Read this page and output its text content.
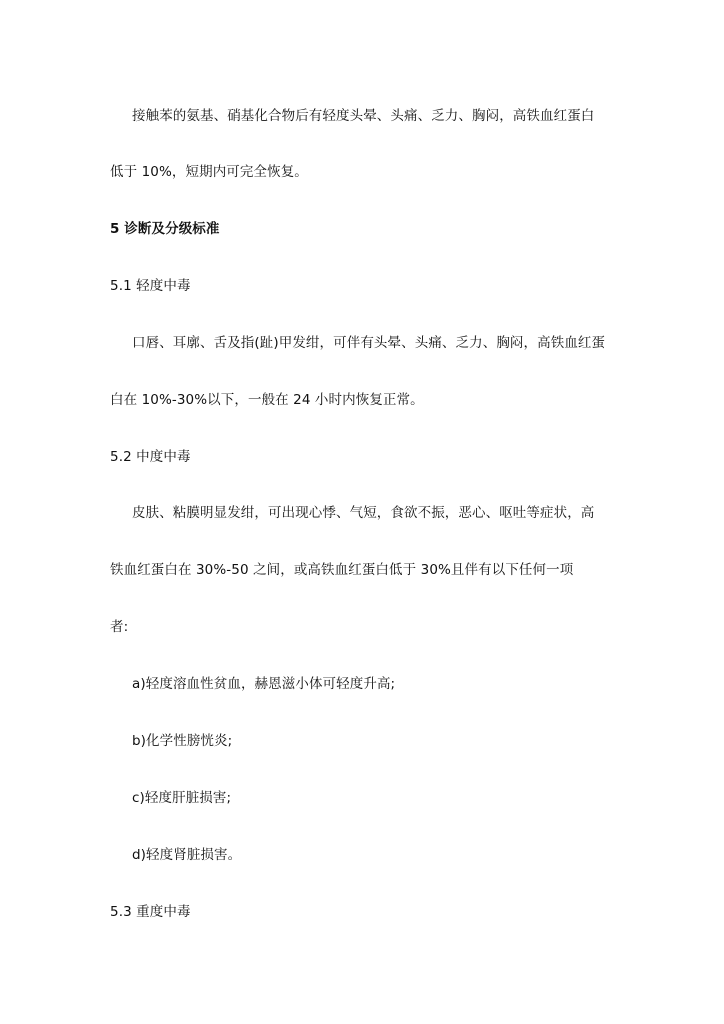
接触苯的氨基、硝基化合物后有轻度头晕、头痛、乏力、胸闷，高铁血红蛋白
低于 10%，短期内可完全恢复。
5 诊断及分级标准
5.1 轻度中毒
口唇、耳廓、舌及指(趾)甲发绀，可伴有头晕、头痛、乏力、胸闷，高铁血红蛋
白在 10%-30%以下，一般在 24 小时内恢复正常。
5.2 中度中毒
皮肤、粘膜明显发绀，可出现心悸、气短，食欲不振，恶心、呕吐等症状，高
铁血红蛋白在 30%-50 之间，或高铁血红蛋白低于 30%且伴有以下任何一项
者:
a)轻度溶血性贫血，赫恩滋小体可轻度升高;
b)化学性膀恍炎;
c)轻度肝脏损害;
d)轻度肾脏损害。
5.3 重度中毒
